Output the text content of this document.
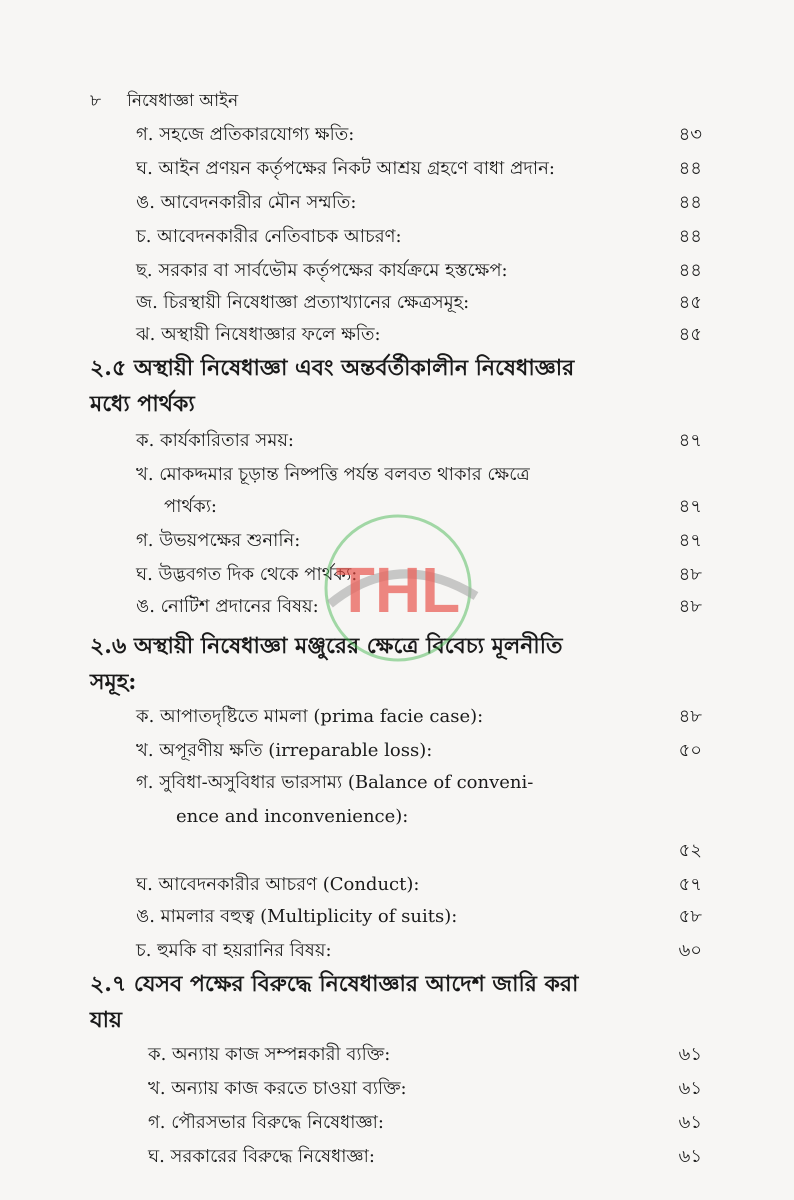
৮ নিষেধাজ্ঞা আইন
গ. সহজে প্রতিকারযোগ্য ক্ষতি:	৪৩
ঘ. আইন প্রণয়ন কর্তৃপক্ষের নিকট আশ্রয় গ্রহণে বাধা প্রদান:	৪৪
ঙ. আবেদনকারীর মৌন সম্মতি:	৪৪
চ. আবেদনকারীর নেতিবাচক আচরণ:	৪৪
ছ. সরকার বা সার্বভৌম কর্তৃপক্ষের কার্যক্রমে হস্তক্ষেপ:	৪৪
জ. চিরস্থায়ী নিষেধাজ্ঞা প্রত্যাখ্যানের ক্ষেত্রসমূহ:	৪৫
ঝ. অস্থায়ী নিষেধাজ্ঞার ফলে ক্ষতি:	৪৫
২.৫ অস্থায়ী নিষেধাজ্ঞা এবং অন্তর্বর্তীকালীন নিষেধাজ্ঞার
মধ্যে পার্থক্য
ক. কার্যকারিতার সময়:	৪৭
খ. মোকদ্দমার চূড়ান্ত নিষ্পত্তি পর্যন্ত বলবত থাকার ক্ষেত্রে
পার্থক্য:	৪৭
গ. উভয়পক্ষের শুনানি:	৪৭
ঘ. উদ্ভবগত দিক থেকে পার্থক্য:	৪৮
ঙ. নোটিশ প্রদানের বিষয়:	৪৮
২.৬ অস্থায়ী নিষেধাজ্ঞা মঞ্জুরের ক্ষেত্রে বিবেচ্য মূলনীতি
সমূহ:
ক. আপাতদৃষ্টিতে মামলা (prima facie case):	৪৮
খ. অপূরণীয় ক্ষতি (irreparable loss):	৫০
গ. সুবিধা-অসুবিধার ভারসাম্য (Balance of conveni-
ence and inconvenience):
৫২
ঘ. আবেদনকারীর আচরণ (Conduct):	৫৭
ঙ. মামলার বহুত্ব (Multiplicity of suits):	৫৮
চ. হুমকি বা হয়রানির বিষয়:	৬০
২.৭ যেসব পক্ষের বিরুদ্ধে নিষেধাজ্ঞার আদেশ জারি করা
যায়
ক. অন্যায় কাজ সম্পন্নকারী ব্যক্তি:	৬১
খ. অন্যায় কাজ করতে চাওয়া ব্যক্তি:	৬১
গ. পৌরসভার বিরুদ্ধে নিষেধাজ্ঞা:	৬১
ঘ. সরকারের বিরুদ্ধে নিষেধাজ্ঞা:	৬১
THL
